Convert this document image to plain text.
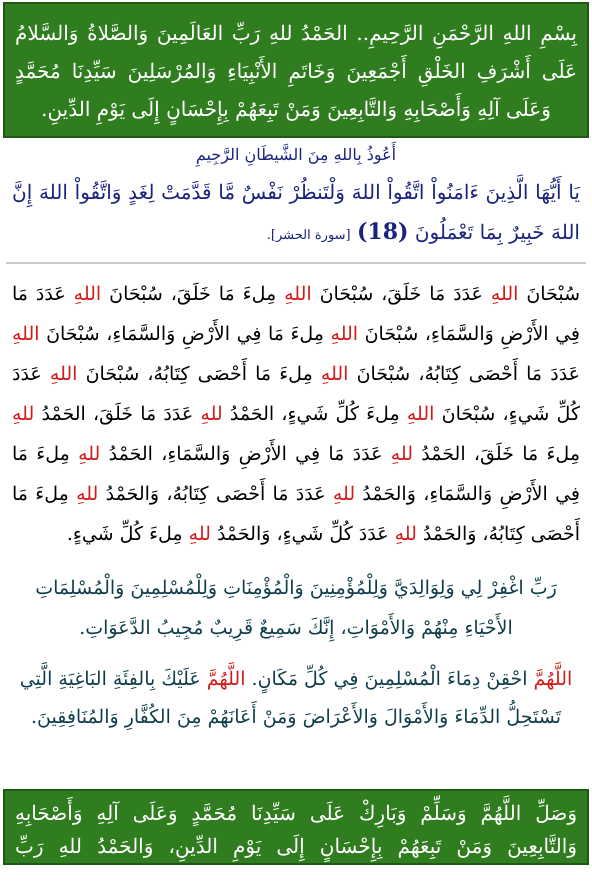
بِسْمِ اللهِ الرَّحْمَنِ الرَّحِيمِ.. الحَمْدُ للهِ رَبِّ العَالَمِينَ وَالصَّلاةُ وَالسَّلامُ عَلَى أَشْرَفِ الخَلْقِ أَجْمَعِينَ وَخَاتَمِ الأَنْبِيَاءِ وَالمُرْسَلِينَ سَيِّدِنَا مُحَمَّدٍ وَعَلَى آلِهِ وَأَصْحَابِهِ وَالتَّابِعِينَ وَمَنْ تَبِعَهُمْ بِإِحْسَانٍ إِلَى يَوْمِ الدِّينِ.
أَعُوذُ بِاللهِ مِنَ الشَّيطَانِ الرَّجِيمِ
يَا أَيُّهَا الَّذِينَ ءَامَنُواْ اتَّقُواْ اللهَ وَلْتَنظُرْ نَفْسٌ مَّا قَدَّمَتْ لِغَدٍ وَاتَّقُواْ اللهَ إِنَّ اللهَ خَبِيرٌ بِمَا تَعْمَلُونَ (18) [سورة الحشر].
سُبْحَانَ اللهِ عَدَدَ مَا خَلَقَ، سُبْحَانَ اللهِ مِلءَ مَا خَلَقَ، سُبْحَانَ اللهِ عَدَدَ مَا فِي الأَرْضِ وَالسَّمَاءِ، سُبْحَانَ اللهِ مِلءَ مَا فِي الأَرْضِ وَالسَّمَاءِ، سُبْحَانَ اللهِ عَدَدَ مَا أَحْصَى كِتَابُهُ، سُبْحَانَ اللهِ مِلءَ مَا أَحْصَى كِتَابُهُ، سُبْحَانَ اللهِ عَدَدَ كُلِّ شَيءٍ، سُبْحَانَ اللهِ مِلءَ كُلِّ شَيءٍ، الحَمْدُ للهِ عَدَدَ مَا خَلَقَ، الحَمْدُ للهِ مِلءَ مَا خَلَقَ، الحَمْدُ للهِ عَدَدَ مَا فِي الأَرْضِ وَالسَّمَاءِ، الحَمْدُ للهِ مِلءَ مَا فِي الأَرْضِ وَالسَّمَاءِ، وَالحَمْدُ للهِ عَدَدَ مَا أَحْصَى كِتَابُهُ، وَالحَمْدُ للهِ مِلءَ مَا أَحْصَى كِتَابُهُ، وَالحَمْدُ للهِ عَدَدَ كُلِّ شَيءٍ، وَالحَمْدُ للهِ مِلءَ كُلِّ شَيءٍ.
رَبِّ اغْفِرْ لِي وَلِوَالِدَيَّ وَلِلْمُؤْمِنِينَ وَالْمُؤْمِنَاتِ وَلِلْمُسْلِمِينَ وَالْمُسْلِمَاتِ الأَحْيَاءِ مِنْهُمْ وَالأَمْوَاتِ، إِنَّكَ سَمِيعٌ قَرِيبٌ مُجِيبُ الدَّعَوَاتِ.
اللَّهُمَّ احْقِنْ دِمَاءَ الْمُسْلِمِينَ فِي كُلِّ مَكَانٍ. اللَّهُمَّ عَلَيْكَ بِالفِئَةِ البَاغِيَةِ الَّتِي تَسْتَحِلُّ الدِّمَاءَ وَالأَمْوَالَ وَالأَعْرَاضَ وَمَنْ أَعَانَهُمْ مِنَ الكُفَّارِ وَالمُنَافِقِينَ.
وَصَلِّ اللَّهُمَّ وَسَلِّمْ وَبَارِكْ عَلَى سَيِّدِنَا مُحَمَّدٍ وَعَلَى آلِهِ وَأَصْحَابِهِ وَالتَّابِعِينَ وَمَنْ تَبِعَهُمْ بِإِحْسَانٍ إِلَى يَوْمِ الدِّينِ، وَالحَمْدُ للهِ رَبِّ العَالَمِينَ.
